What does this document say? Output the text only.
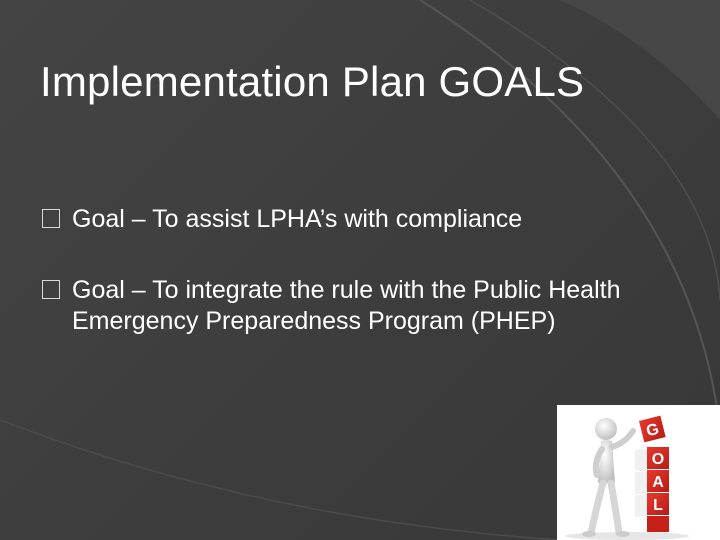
Implementation Plan GOALS
Goal – To assist LPHA’s with compliance
Goal – To integrate the rule with the Public Health Emergency Preparedness Program (PHEP)
G
O
A
L
